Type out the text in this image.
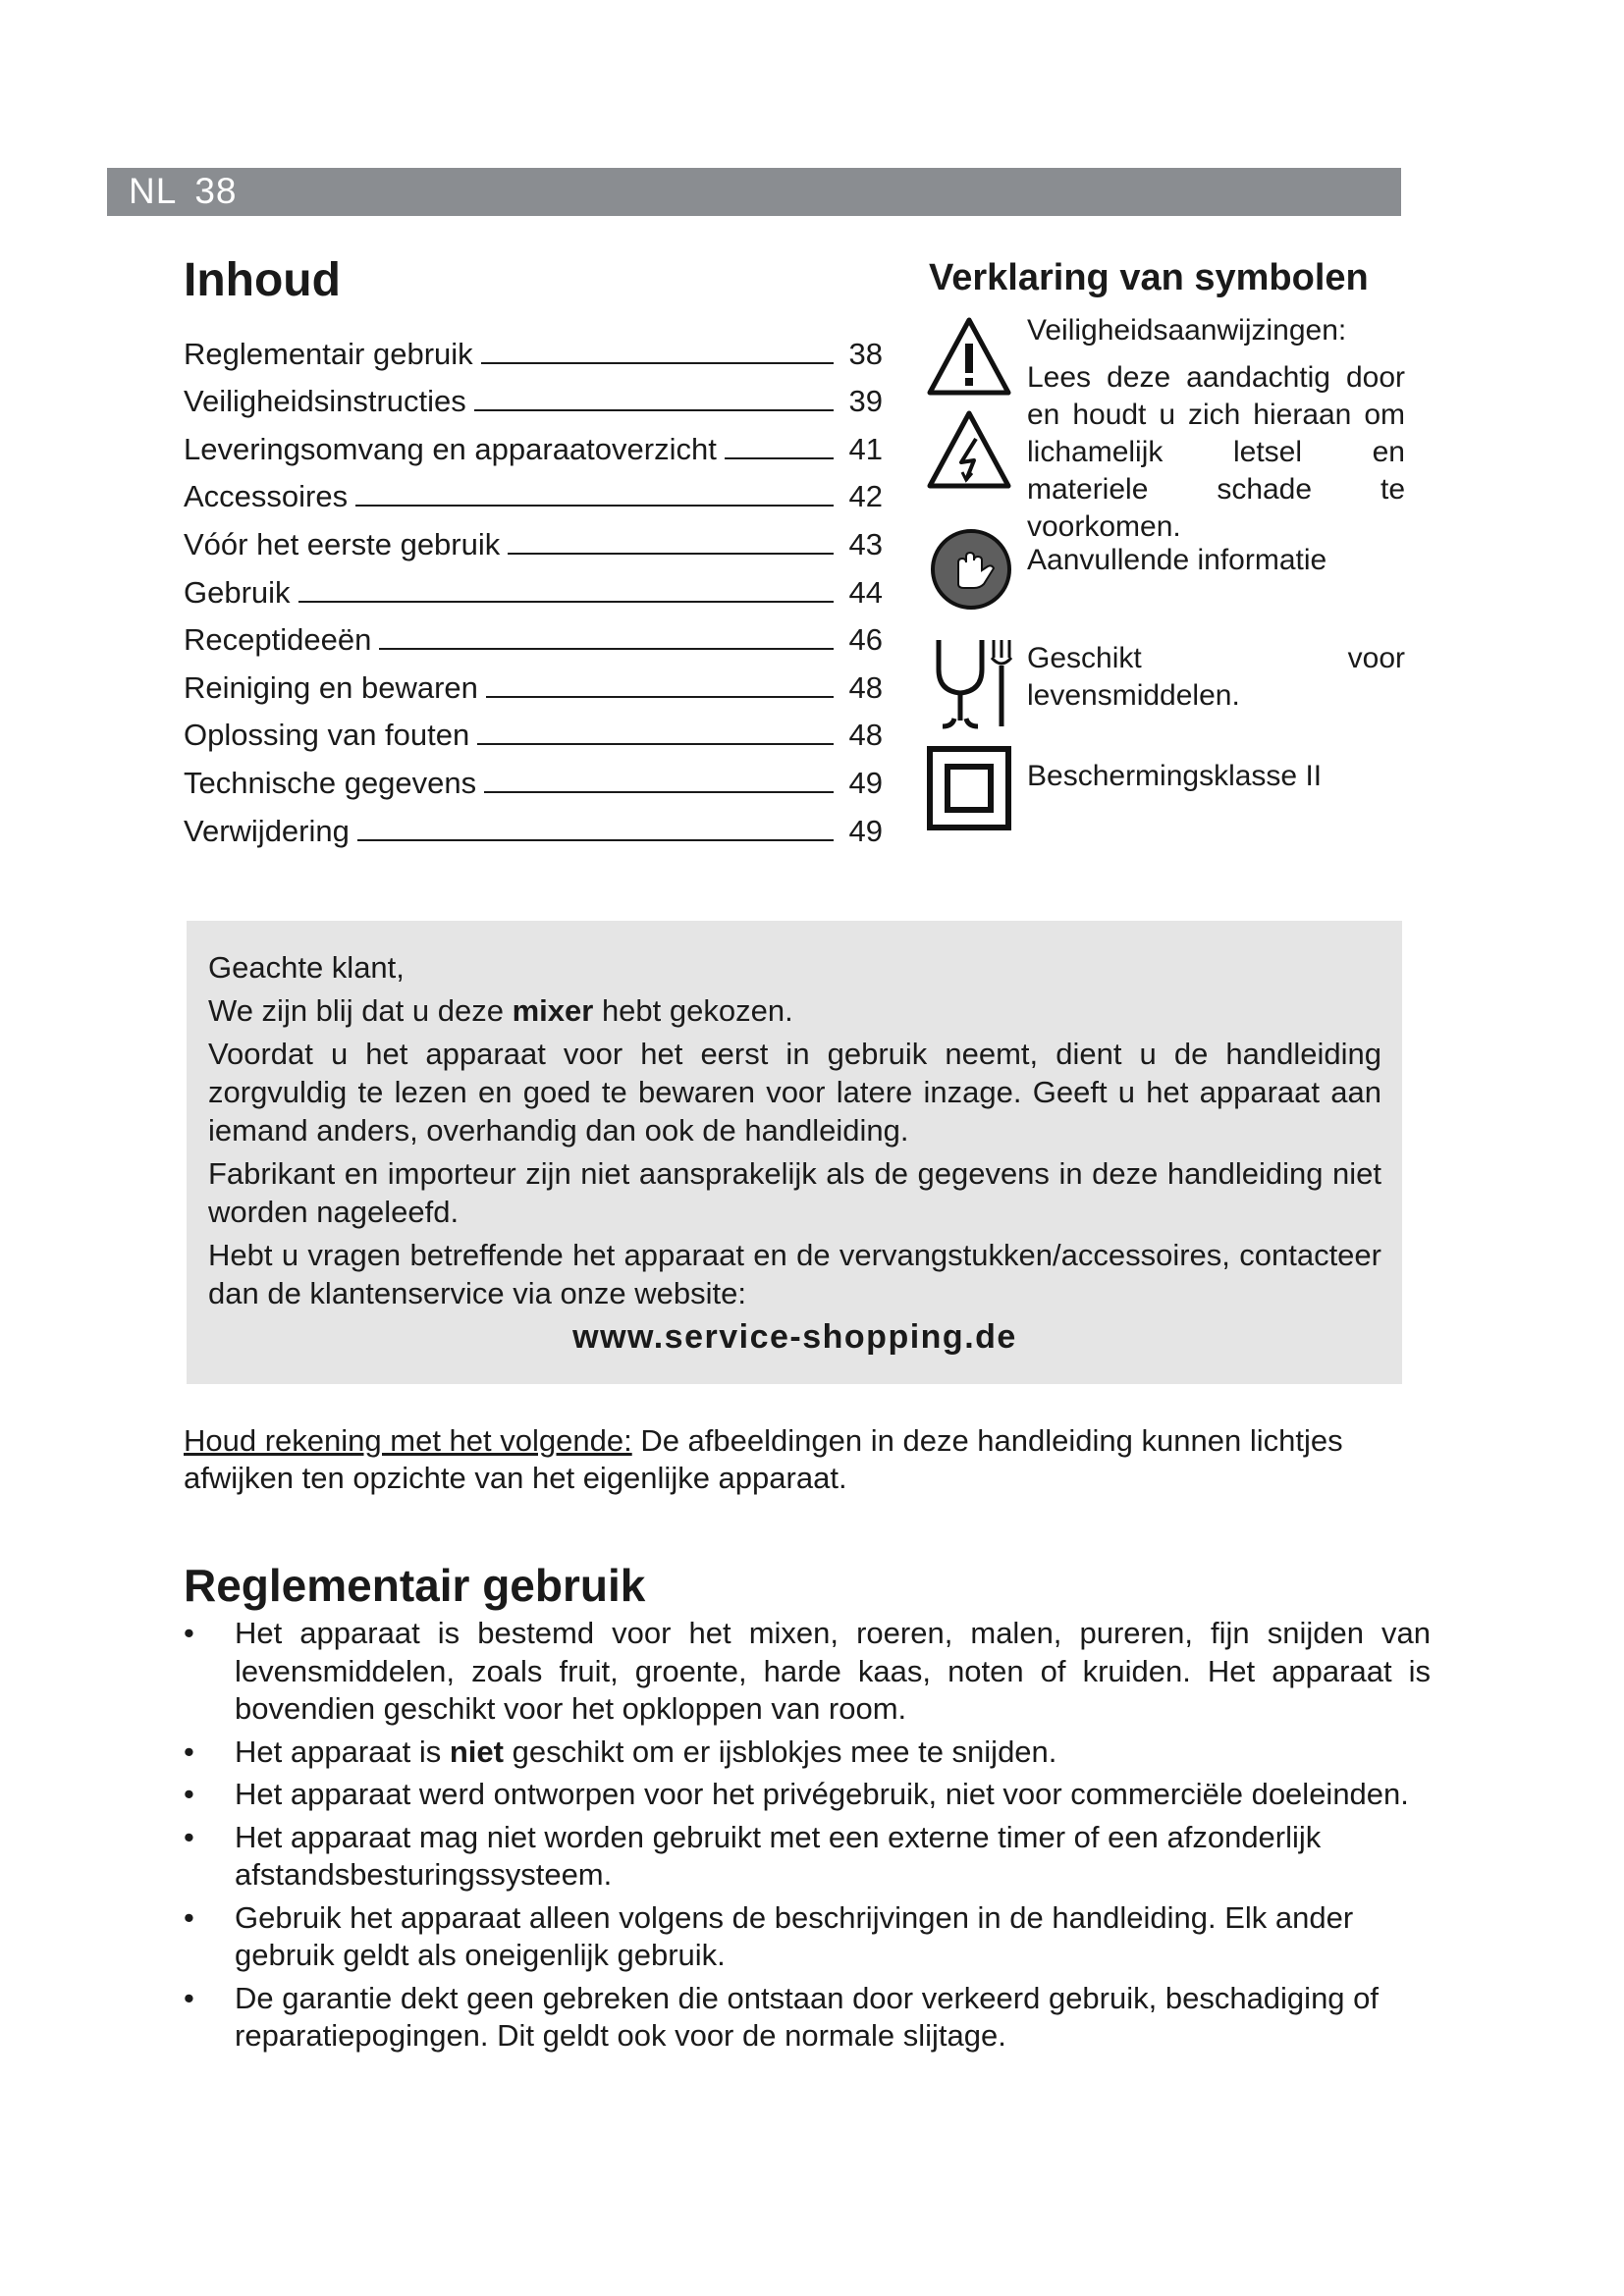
NL 38
Inhoud
Reglementair gebruik	38
Veiligheidsinstructies	39
Leveringsomvang en apparaatoverzicht	41
Accessoires	42
Vóór het eerste gebruik	43
Gebruik	44
Receptideeën	46
Reiniging en bewaren	48
Oplossing van fouten	48
Technische gegevens	49
Verwijdering	49
Verklaring van symbolen
Veiligheidsaanwijzingen:
Lees deze aandachtig door en houdt u zich hieraan om lichamelijk letsel en materiele schade te voorkomen.
Aanvullende informatie
Geschikt voor levensmiddelen.
Beschermingsklasse II

Geachte klant,

We zijn blij dat u deze mixer hebt gekozen.

Voordat u het apparaat voor het eerst in gebruik neemt, dient u de handleiding zorgvuldig te lezen en goed te bewaren voor latere inzage. Geeft u het apparaat aan iemand anders, overhandig dan ook de handleiding.

Fabrikant en importeur zijn niet aansprakelijk als de gegevens in deze handleiding niet worden nageleefd.

Hebt u vragen betreffende het apparaat en de vervangstukken/accessoires, contacteer dan de klantenservice via onze website:

www.service-shopping.de

Houd rekening met het volgende: De afbeeldingen in deze handleiding kunnen lichtjes afwijken ten opzichte van het eigenlijke apparaat.
Reglementair gebruik
• Het apparaat is bestemd voor het mixen, roeren, malen, pureren, fijn snijden van levensmiddelen, zoals fruit, groente, harde kaas, noten of kruiden. Het apparaat is bovendien geschikt voor het opkloppen van room.
• Het apparaat is niet geschikt om er ijsblokjes mee te snijden.
• Het apparaat werd ontworpen voor het privégebruik, niet voor commerciële doeleinden.
• Het apparaat mag niet worden gebruikt met een externe timer of een afzonderlijk afstandsbesturingssysteem.
• Gebruik het apparaat alleen volgens de beschrijvingen in de handleiding. Elk ander gebruik geldt als oneigenlijk gebruik.
• De garantie dekt geen gebreken die ontstaan door verkeerd gebruik, beschadiging of reparatiepogingen. Dit geldt ook voor de normale slijtage.
